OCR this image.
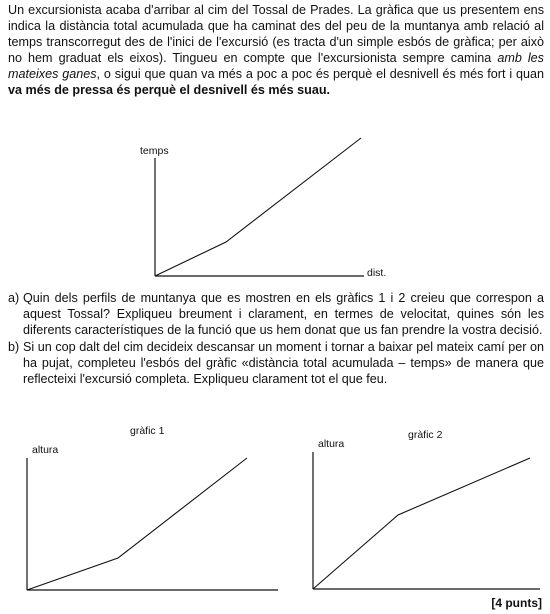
Un excursionista acaba d'arribar al cim del Tossal de Prades. La gràfica que us presentem ens indica la distància total acumulada que ha caminat des del peu de la muntanya amb relació al temps transcorregut des de l'inici de l'excursió (es tracta d'un simple esbós de gràfica; per això no hem graduat els eixos). Tingueu en compte que l'excursionista sempre camina amb les mateixes ganes, o sigui que quan va més a poc a poc és perquè el desnivell és més fort i quan va més de pressa és perquè el desnivell és més suau.
temps
dist.
a) Quin dels perfils de muntanya que es mostren en els gràfics 1 i 2 creieu que correspon a aquest Tossal? Expliqueu breument i clarament, en termes de velocitat, quines són les diferents característiques de la funció que us hem donat que us fan prendre la vostra decisió.
b) Si un cop dalt del cim decideix descansar un moment i tornar a baixar pel mateix camí per on ha pujat, completeu l'esbós del gràfic «distància total acumulada – temps» de manera que reflecteixi l'excursió completa. Expliqueu clarament tot el que feu.
gràfic 1
altura
gràfic 2
altura
[4 punts]
